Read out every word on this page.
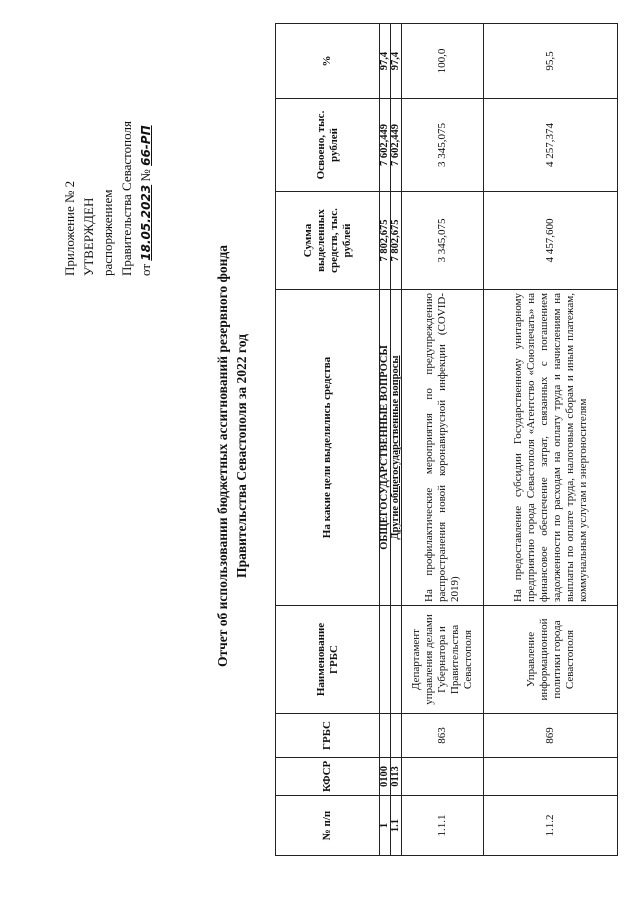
Приложение № 2 УТВЕРЖДЕН распоряжением Правительства Севастополя от 18.05.2023 № 66-РП
Отчет об использовании бюджетных ассигнований резервного фонда Правительства Севастополя за 2022 год
№ п/п	КФСР	ГРБС	Наименование ГРБС	На какие цели выделялись средства	Сумма выделенных средств, тыс. рублей	Освоено, тыс. рублей	%
1	0100			ОБЩЕГОСУДАРСТВЕННЫЕ ВОПРОСЫ	7 802,675	7 602,449	97,4
1.1	0113			Другие общегосударственные вопросы	7 802,675	7 602,449	97,4
1.1.1		863	Департамент управления делами Губернатора и Правительства Севастополя	На профилактические мероприятия по предупреждению распространения новой коронавирусной инфекции (COVID-2019)	3 345,075	3 345,075	100,0
1.1.2		869	Управление информационной политики города Севастополя	На предоставление субсидии Государственному унитарному предприятию города Севастополя «Агентство «Союзпечать» на финансовое обеспечение затрат, связанных с погашением задолженности по расходам на оплату труда и начислениям на выплаты по оплате труда, налоговым сборам и иным платежам, коммунальным услугам и энергоносителям	4 457,600	4 257,374	95,5
